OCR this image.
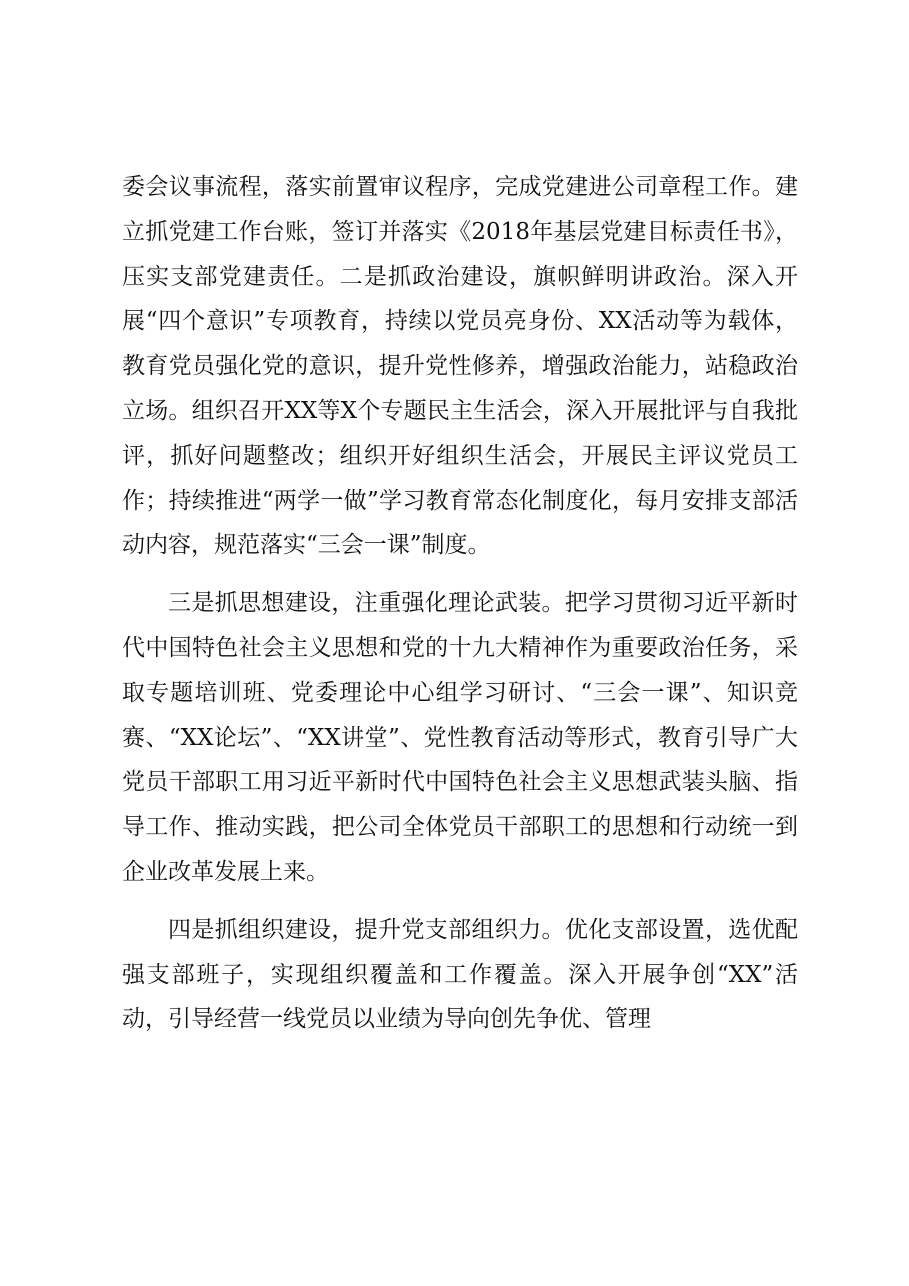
委会议事流程，落实前置审议程序，完成党建进公司章程工作。建立抓党建工作台账，签订并落实《2018年基层党建目标责任书》，压实支部党建责任。二是抓政治建设，旗帜鲜明讲政治。深入开展“四个意识”专项教育，持续以党员亮身份、XX活动等为载体，教育党员强化党的意识，提升党性修养，增强政治能力，站稳政治立场。组织召开XX等X个专题民主生活会，深入开展批评与自我批评，抓好问题整改；组织开好组织生活会，开展民主评议党员工作；持续推进“两学一做”学习教育常态化制度化，每月安排支部活动内容，规范落实“三会一课”制度。

三是抓思想建设，注重强化理论武装。把学习贯彻习近平新时代中国特色社会主义思想和党的十九大精神作为重要政治任务，采取专题培训班、党委理论中心组学习研讨、“三会一课”、知识竞赛、“XX论坛”、“XX讲堂”、党性教育活动等形式，教育引导广大党员干部职工用习近平新时代中国特色社会主义思想武装头脑、指导工作、推动实践，把公司全体党员干部职工的思想和行动统一到企业改革发展上来。

四是抓组织建设，提升党支部组织力。优化支部设置，选优配强支部班子，实现组织覆盖和工作覆盖。深入开展争创“XX”活动，引导经营一线党员以业绩为导向创先争优、管理
